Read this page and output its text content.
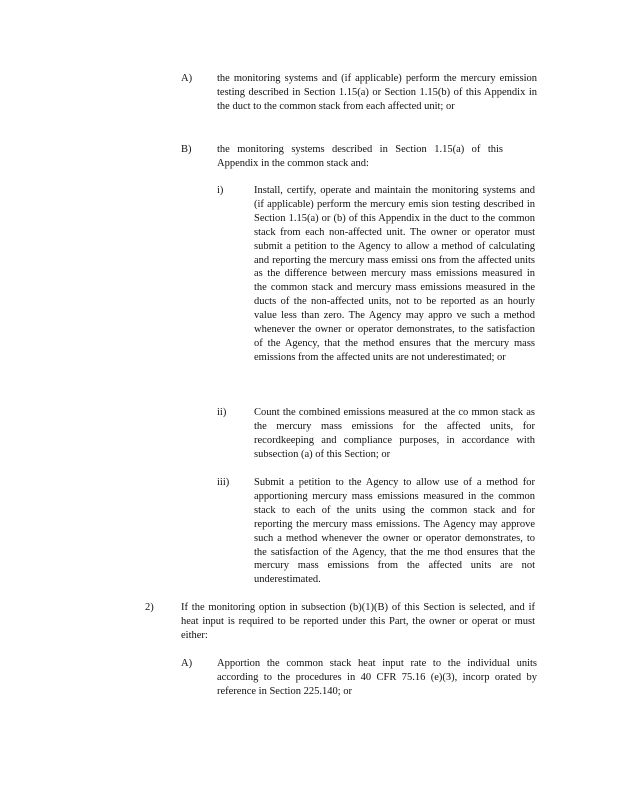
A) the monitoring systems and (if applicable) perform the mercury emission testing described in Section 1.15(a) or Section 1.15(b) of this Appendix in the duct to the common stack from each affected unit; or
B) the monitoring systems described in Section 1.15(a) of this Appendix in the common stack and:
i)	Install, certify, operate and maintain the monitoring systems and (if applicable) perform the mercury emis sion testing described in Section 1.15(a) or (b) of this Appendix in the duct to the common stack from each non-affected unit. The owner or operator must submit a petition to the Agency to allow a method of calculating and reporting the mercury mass emissi ons from the affected units as the difference between mercury mass emissions measured in the common stack and mercury mass emissions measured in the ducts of the non-affected units, not to be reported as an hourly value less than zero. The Agency may appro ve such a method whenever the owner or operator demonstrates, to the satisfaction of the Agency, that the method ensures that the mercury mass emissions from the affected units are not underestimated; or
ii)	Count the combined emissions measured at the co mmon stack as the mercury mass emissions for the affected units, for recordkeeping and compliance purposes, in accordance with subsection (a) of this Section; or
iii) Submit a petition to the Agency to allow use of a method for apportioning mercury mass emissions measured in the common stack to each of the units using the common stack and for reporting the mercury mass emissions. The Agency may approve such a method whenever the owner or operator demonstrates, to the satisfaction of the Agency, that the me thod ensures that the mercury mass emissions from the affected units are not underestimated.
2)	If the monitoring option in subsection (b)(1)(B) of this Section is selected, and if heat input is required to be reported under this Part, the owner or operat or must either:
A) Apportion the common stack heat input rate to the individual units according to the procedures in 40 CFR 75.16 (e)(3), incorp orated by reference in Section 225.140; or
